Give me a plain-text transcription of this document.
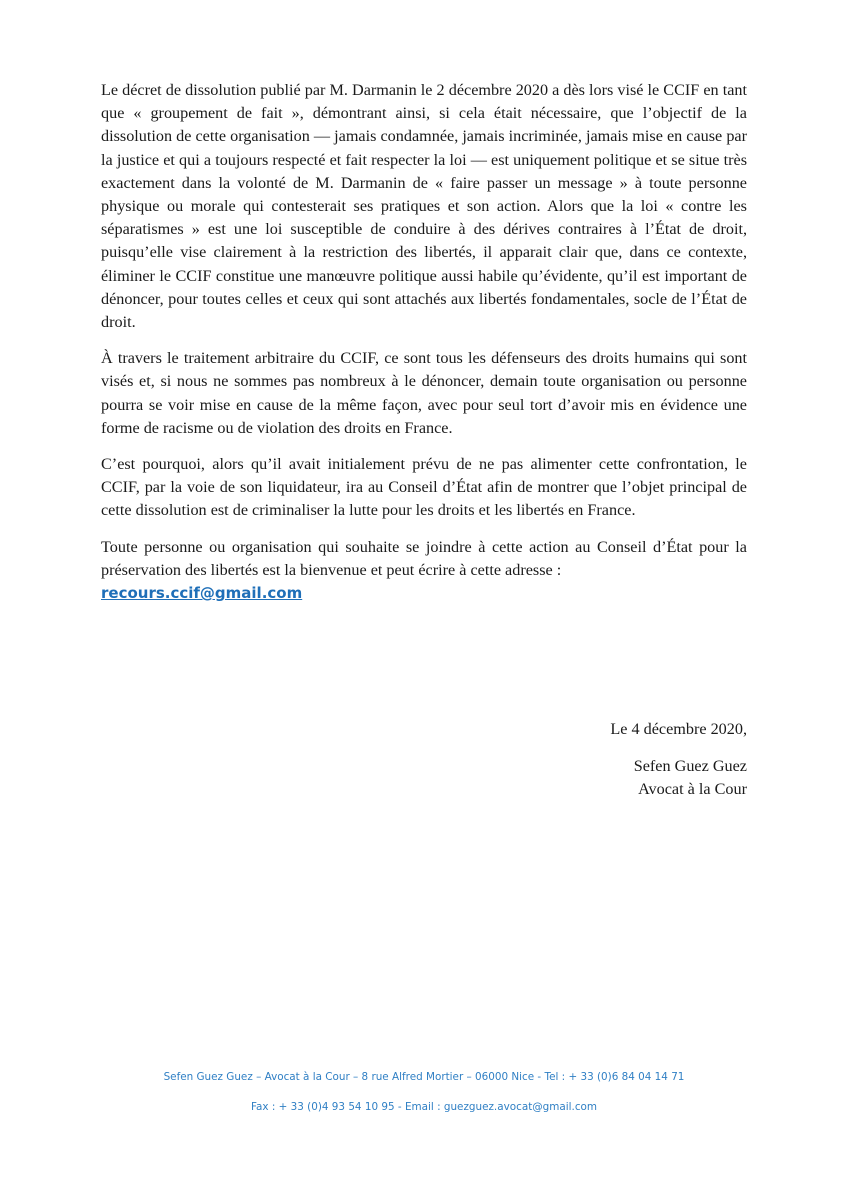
Le décret de dissolution publié par M. Darmanin le 2 décembre 2020 a dès lors visé le CCIF en tant que « groupement de fait », démontrant ainsi, si cela était nécessaire, que l’objectif de la dissolution de cette organisation — jamais condamnée, jamais incriminée, jamais mise en cause par la justice et qui a toujours respecté et fait respecter la loi — est uniquement politique et se situe très exactement dans la volonté de M. Darmanin de « faire passer un message » à toute personne physique ou morale qui contesterait ses pratiques et son action. Alors que la loi « contre les séparatismes » est une loi susceptible de conduire à des dérives contraires à l’État de droit, puisqu’elle vise clairement à la restriction des libertés, il apparait clair que, dans ce contexte, éliminer le CCIF constitue une manœuvre politique aussi habile qu’évidente, qu’il est important de dénoncer, pour toutes celles et ceux qui sont attachés aux libertés fondamentales, socle de l’État de droit.

À travers le traitement arbitraire du CCIF, ce sont tous les défenseurs des droits humains qui sont visés et, si nous ne sommes pas nombreux à le dénoncer, demain toute organisation ou personne pourra se voir mise en cause de la même façon, avec pour seul tort d’avoir mis en évidence une forme de racisme ou de violation des droits en France.

C’est pourquoi, alors qu’il avait initialement prévu de ne pas alimenter cette confrontation, le CCIF, par la voie de son liquidateur, ira au Conseil d’État afin de montrer que l’objet principal de cette dissolution est de criminaliser la lutte pour les droits et les libertés en France.

Toute personne ou organisation qui souhaite se joindre à cette action au Conseil d’État pour la préservation des libertés est la bienvenue et peut écrire à cette adresse :
recours.ccif@gmail.com

Le 4 décembre 2020,
Sefen Guez Guez
Avocat à la Cour
Sefen Guez Guez – Avocat à la Cour – 8 rue Alfred Mortier – 06000 Nice - Tel : + 33 (0)6 84 04 14 71
Fax : + 33 (0)4 93 54 10 95 - Email : guezguez.avocat@gmail.com
